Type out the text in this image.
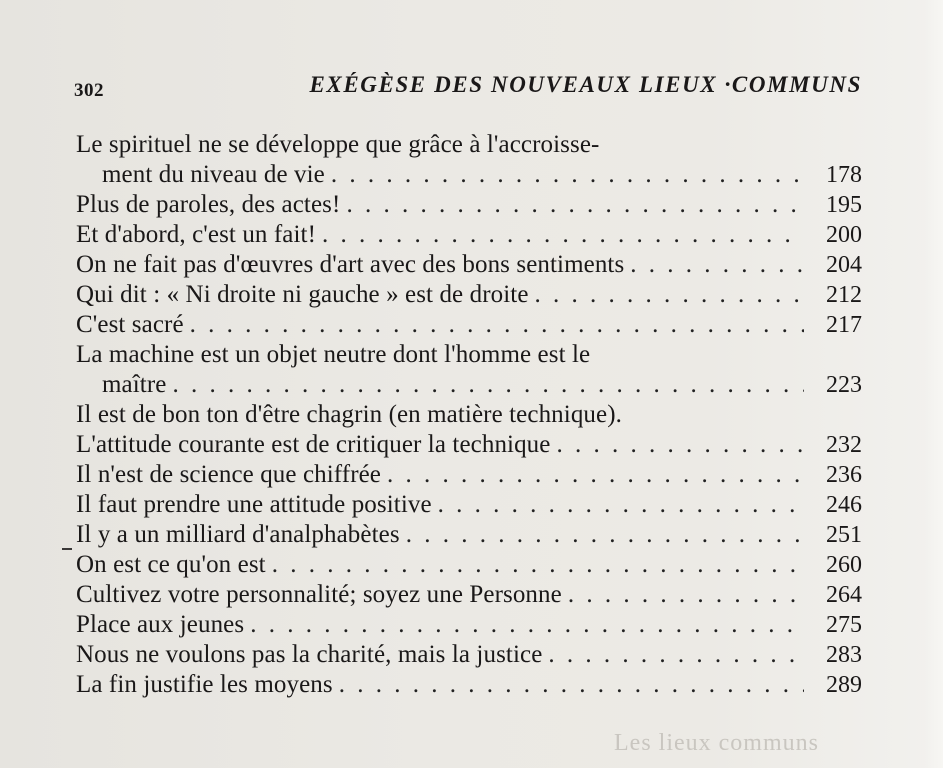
302	EXÉGÈSE DES NOUVEAUX LIEUX ·COMMUNS
Le spirituel ne se développe que grâce à l'accroisse-
ment du niveau de vie . . .	178
Plus de paroles, des actes! . . .	195
Et d'abord, c'est un fait! . . .	200
On ne fait pas d'œuvres d'art avec des bons sentiments . . .	204
Qui dit : « Ni droite ni gauche » est de droite . . .	212
C'est sacré . . .	217
La machine est un objet neutre dont l'homme est le
maître . . .	223
Il est de bon ton d'être chagrin (en matière technique).
L'attitude courante est de critiquer la technique . . .	232
Il n'est de science que chiffrée . . .	236
Il faut prendre une attitude positive . . .	246
Il y a un milliard d'analphabètes . . .	251
On est ce qu'on est . . .	260
Cultivez votre personnalité; soyez une Personne . . .	264
Place aux jeunes . . .	275
Nous ne voulons pas la charité, mais la justice . . .	283
La fin justifie les moyens . . .	289
Les lieux communs
